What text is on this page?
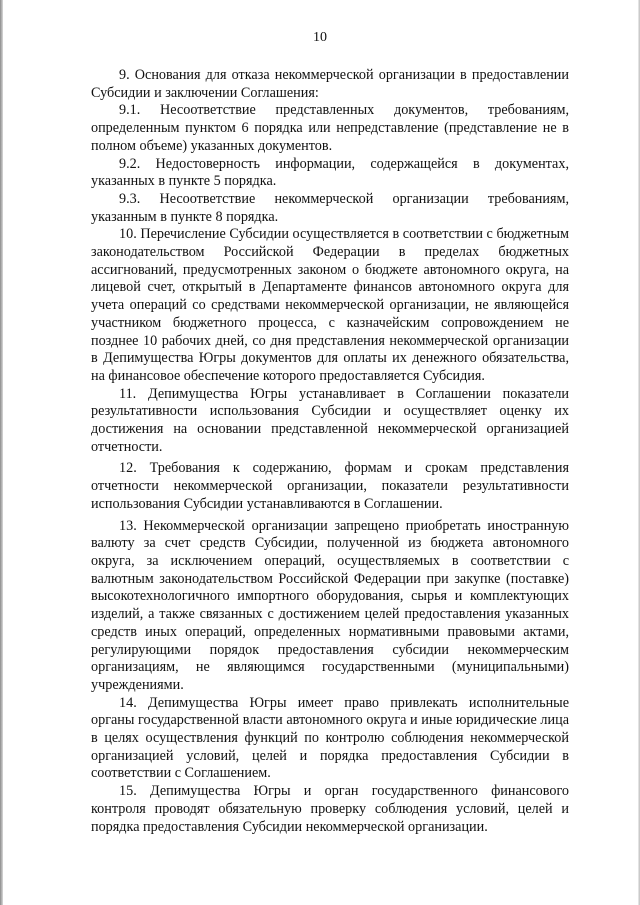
10

9. Основания для отказа некоммерческой организации в предоставлении Субсидии и заключении Соглашения:

9.1. Несоответствие представленных документов, требованиям, определенным пунктом 6 порядка или непредставление (представление не в полном объеме) указанных документов.

9.2. Недостоверность информации, содержащейся в документах, указанных в пункте 5 порядка.

9.3. Несоответствие некоммерческой организации требованиям, указанным в пункте 8 порядка.

10. Перечисление Субсидии осуществляется в соответствии с бюджетным законодательством Российской Федерации в пределах бюджетных ассигнований, предусмотренных законом о бюджете автономного округа, на лицевой счет, открытый в Департаменте финансов автономного округа для учета операций со средствами некоммерческой организации, не являющейся участником бюджетного процесса, с казначейским сопровождением не позднее 10 рабочих дней, со дня представления некоммерческой организации в Депимущества Югры документов для оплаты их денежного обязательства, на финансовое обеспечение которого предоставляется Субсидия.

11. Депимущества Югры устанавливает в Соглашении показатели результативности использования Субсидии и осуществляет оценку их достижения на основании представленной некоммерческой организацией отчетности.

12. Требования к содержанию, формам и срокам представления отчетности некоммерческой организации, показатели результативности использования Субсидии устанавливаются в Соглашении.

13. Некоммерческой организации запрещено приобретать иностранную валюту за счет средств Субсидии, полученной из бюджета автономного округа, за исключением операций, осуществляемых в соответствии с валютным законодательством Российской Федерации при закупке (поставке) высокотехнологичного импортного оборудования, сырья и комплектующих изделий, а также связанных с достижением целей предоставления указанных средств иных операций, определенных нормативными правовыми актами, регулирующими порядок предоставления субсидии некоммерческим организациям, не являющимся государственными (муниципальными) учреждениями.

14. Депимущества Югры имеет право привлекать исполнительные органы государственной власти автономного округа и иные юридические лица в целях осуществления функций по контролю соблюдения некоммерческой организацией условий, целей и порядка предоставления Субсидии в соответствии с Соглашением.

15. Депимущества Югры и орган государственного финансового контроля проводят обязательную проверку соблюдения условий, целей и порядка предоставления Субсидии некоммерческой организации.
